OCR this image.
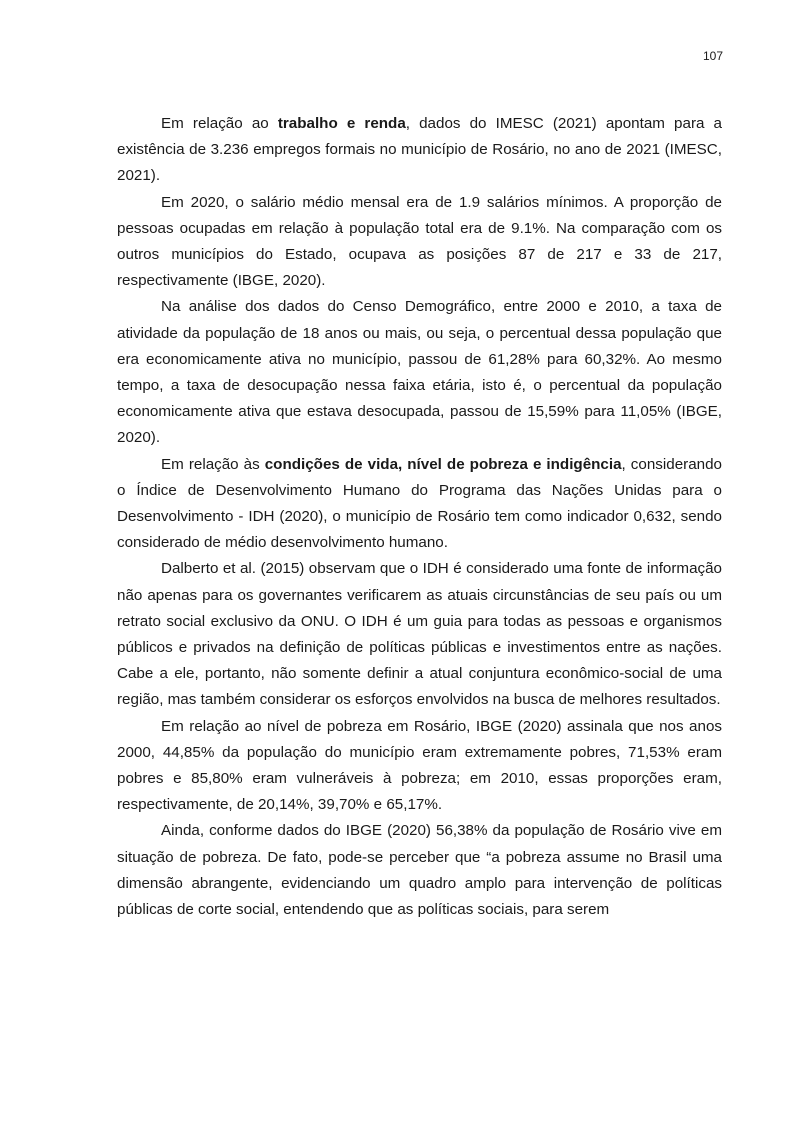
107

Em relação ao trabalho e renda, dados do IMESC (2021) apontam para a existência de 3.236 empregos formais no município de Rosário, no ano de 2021 (IMESC, 2021).

Em 2020, o salário médio mensal era de 1.9 salários mínimos. A proporção de pessoas ocupadas em relação à população total era de 9.1%. Na comparação com os outros municípios do Estado, ocupava as posições 87 de 217 e 33 de 217, respectivamente (IBGE, 2020).

Na análise dos dados do Censo Demográfico, entre 2000 e 2010, a taxa de atividade da população de 18 anos ou mais, ou seja, o percentual dessa população que era economicamente ativa no município, passou de 61,28% para 60,32%. Ao mesmo tempo, a taxa de desocupação nessa faixa etária, isto é, o percentual da população economicamente ativa que estava desocupada, passou de 15,59% para 11,05% (IBGE, 2020).

Em relação às condições de vida, nível de pobreza e indigência, considerando o Índice de Desenvolvimento Humano do Programa das Nações Unidas para o Desenvolvimento - IDH (2020), o município de Rosário tem como indicador 0,632, sendo considerado de médio desenvolvimento humano.

Dalberto et al. (2015) observam que o IDH é considerado uma fonte de informação não apenas para os governantes verificarem as atuais circunstâncias de seu país ou um retrato social exclusivo da ONU. O IDH é um guia para todas as pessoas e organismos públicos e privados na definição de políticas públicas e investimentos entre as nações. Cabe a ele, portanto, não somente definir a atual conjuntura econômico-social de uma região, mas também considerar os esforços envolvidos na busca de melhores resultados.

Em relação ao nível de pobreza em Rosário, IBGE (2020) assinala que nos anos 2000, 44,85% da população do município eram extremamente pobres, 71,53% eram pobres e 85,80% eram vulneráveis à pobreza; em 2010, essas proporções eram, respectivamente, de 20,14%, 39,70% e 65,17%.

Ainda, conforme dados do IBGE (2020) 56,38% da população de Rosário vive em situação de pobreza. De fato, pode-se perceber que “a pobreza assume no Brasil uma dimensão abrangente, evidenciando um quadro amplo para intervenção de políticas públicas de corte social, entendendo que as políticas sociais, para serem
